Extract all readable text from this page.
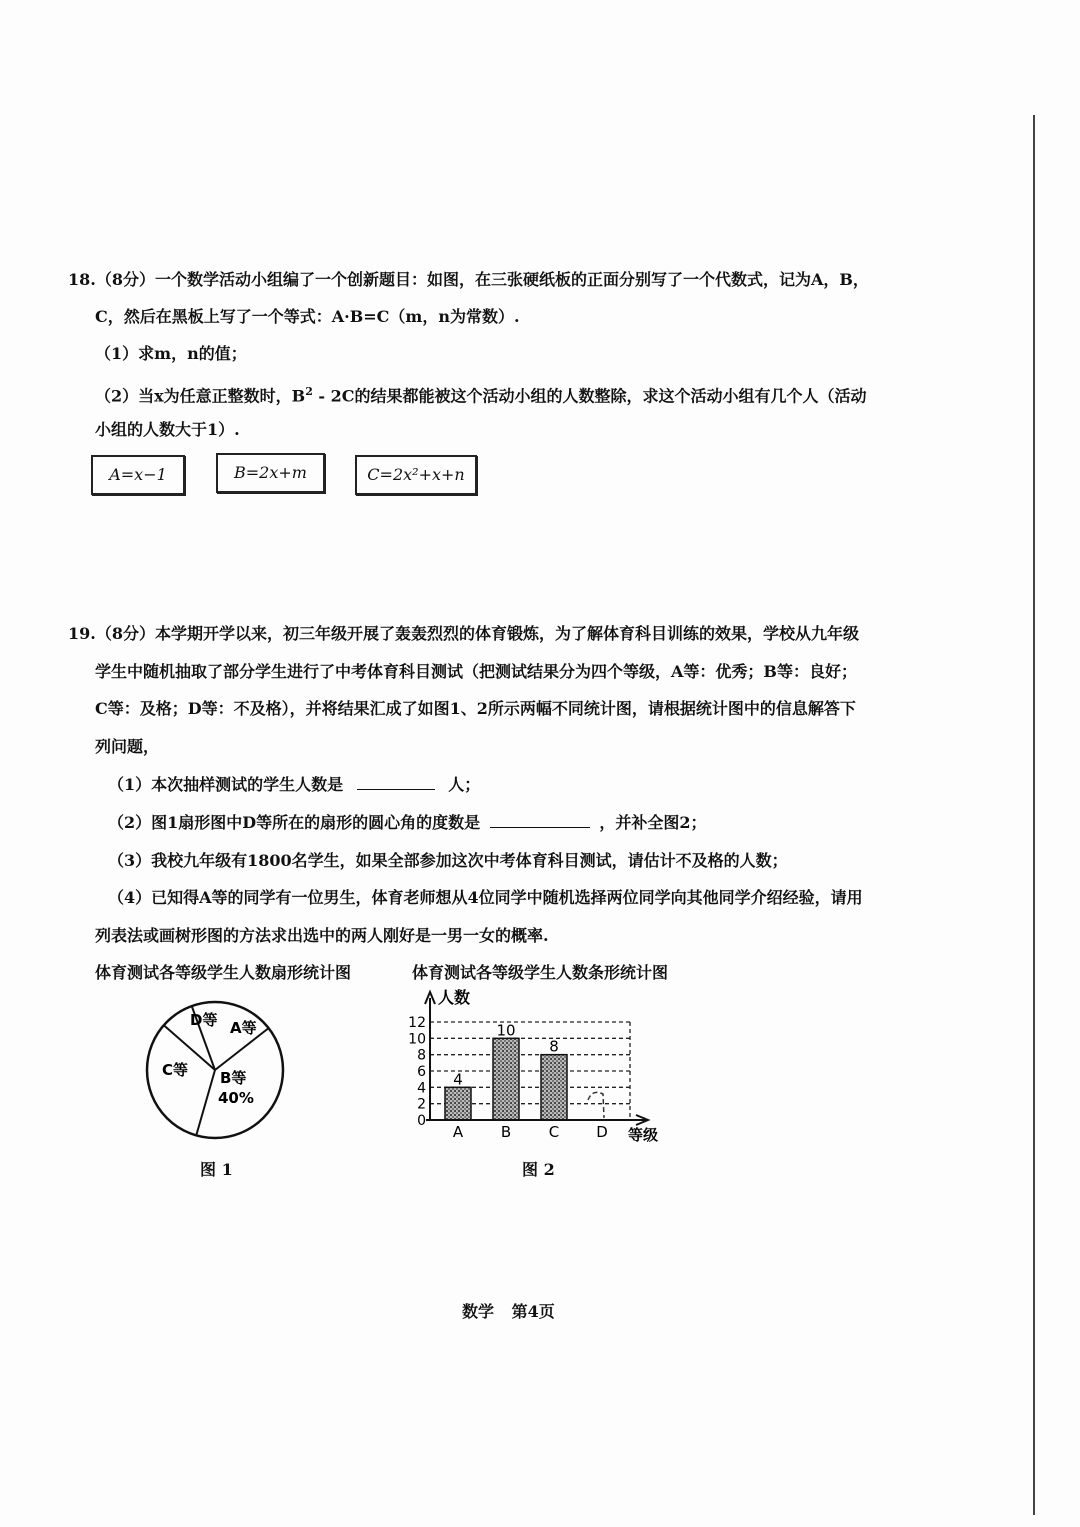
18.（8分）一个数学活动小组编了一个创新题目：如图，在三张硬纸板的正面分别写了一个代数式，记为A，B，
C，然后在黑板上写了一个等式：A·B=C（m，n为常数）.
（1）求m，n的值；
（2）当x为任意正整数时，$B^2 - 2C$的结果都能被这个活动小组的人数整除，求这个活动小组有几个人（活动
小组的人数大于1）.
A=x−1	B=2x+m	C=2x²+x+n
19.（8分）本学期开学以来，初三年级开展了轰轰烈烈的体育锻炼，为了解体育科目训练的效果，学校从九年级
学生中随机抽取了部分学生进行了中考体育科目测试（把测试结果分为四个等级，A等：优秀；B等：良好；
C等：及格；D等：不及格），并将结果汇成了如图1、2所示两幅不同统计图，请根据统计图中的信息解答下
列问题，
（1）本次抽样测试的学生人数是	人；
（2）图1扇形图中D等所在的扇形的圆心角的度数是	，并补全图2；
（3）我校九年级有1800名学生，如果全部参加这次中考体育科目测试，请估计不及格的人数；
（4）已知得A等的同学有一位男生，体育老师想从4位同学中随机选择两位同学向其他同学介绍经验，请用
列表法或画树形图的方法求出选中的两人刚好是一男一女的概率.
体育测试各等级学生人数扇形统计图	体育测试各等级学生人数条形统计图
D等 A等
C等 B等
40%
0
2
4
6
8
10
12
4
A
10
B
8
C D
人数
等级
图 1	图 2
数学 第4页
